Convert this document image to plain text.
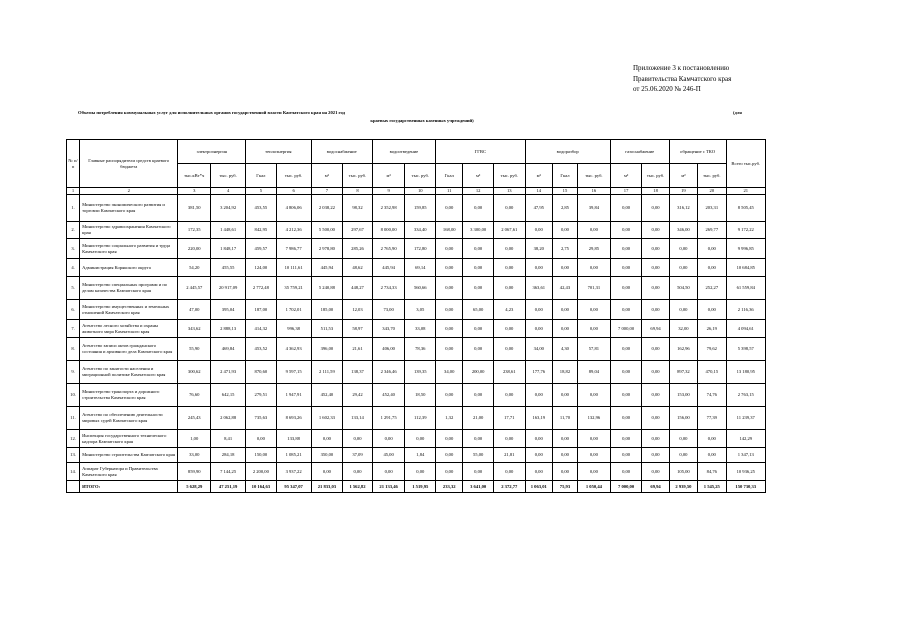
Приложение 3 к постановлению
Правительства Камчатского края
от 25.06.2020 № 246-П
Объемы потребления коммунальных услуг для исполнительных органов государственной власти Камчатского края на 2021 год	(для
краевых государственных казенных учреждений)
№ п/п	Главные распорядители средств краевого бюджета	электроэнергия		теплоэнергия		водоснабжение		водоотведение		ГГВС			водоразбор			газоснабжение		обращение с ТКО		Всего тыс.руб.
		тыс.кВт*ч	тыс. руб.	Гкал	тыс. руб.	м³	тыс. руб.	м³	тыс. руб.	Гкал	м³	тыс. руб.	м³	Гкал	тыс. руб.	м³	тыс. руб.	м³	тыс. руб.	
1	2	3	4	5	6	7	8	9	10	11	12	13	14	15	16	17	18	19	20	21
1.	Министерство экономического развития и торговли Камчатского края	381,50	3 204,92	453,55	4 806,06	2 038,22	98,32	2 352,98	159,85	0,00	0,00	0,00	47,95	2,85	39,84	0,00	0,00	316,12	203,31	8 505,45
2.	Министерство здравоохранения Камчатского края	172,35	1 448,61	842,95	4 212,36	5 500,00	297,67	8 000,00	334,40	168,00	3 300,00	2 067,61	0,00	0,00	0,00	0,00	0,00	346,00	269,77	9 172,22
3.	Министерство социального развития и труда Камчатского края	220,00	1 848,17	459,57	7 986,77	2 978,80	285,26	2 765,90	172,80	0,00	0,00	0,00	38,20	2,75	29,85	0,00	0,00	0,00	0,00	9 996,85
4.	Администрация Корякского округа	54,20	455,55	124,00	10 111,61	445,94	48,62	445,94	69,14	0,00	0,00	0,00	0,00	0,00	0,00	0,00	0,00	0,00	0,00	10 684,85
5.	Министерство специальных программ и по делам казачества Камчатского края	2 445,57	20 917,09	2 772,48	35 759,21	5 240,88	448,27	2 734,33	560,66	0,00	0,00	0,00	363,61	42,43	701,31	0,00	0,00	504,50	252,27	61 559,84
6.	Министерство имущественных и земельных отношений Камчатского края	47,00	395,04	187,00	1 702,01	185,00	12,03	73,00	3,05	0,00	65,00	4,23	0,00	0,00	0,00	0,00	0,00	0,00	0,00	2 116,36
7.	Агентство лесного хозяйства и охраны животного мира Камчатского края	343,62	2 888,13	414,32	996,38	511,53	58,97	343,70	33,08	0,00	0,00	0,00	0,00	0,00	0,00	7 000,00	69,94	32,00	26,19	4 094,61
8.	Агентство записи актов гражданского состояния и архивного дела Камчатского края	55,90	469,84	453,52	4 362,93	396,00	21,61	406,00	78,36	0,00	0,00	0,00	34,00	4,30	57,81	0,00	0,00	162,96	79,62	5 398,57
9.	Агентство по занятости населения и миграционной политике Камчатского края	300,62	2 471,93	870,60	9 597,15	2 111,59	138,37	2 346,46	139,35	34,00	200,00	238,61	177,76	18,82	89,04	0,00	0,00	897,32	470,15	13 180,95
10.	Министерство транспорта и дорожного строительства Камчатского края	76,60	642,15	279,51	1 947,91	452,40	29,42	452,40	18,50	0,00	0,00	0,00	0,00	0,00	0,00	0,00	0,00	153,00	74,76	2 763,15
11.	Агентство по обеспечению деятельности мировых судей Камчатского края	245,43	2 062,88	735,63	8 693,26	1 602,33	133,14	1 291,75	112,39	1,32	21,00	17,71	163,19	11,70	132,96	0,00	0,00	156,00	77,39	11 239,37
12.	Инспекция государственного технического надзора Камчатского края	1,00	8,41	0,00	133,88	0,00	0,00	0,00	0,00	0,00	0,00	0,00	0,00	0,00	0,00	0,00	0,00	0,00	0,00	142,29
13.	Министерство строительства Камчатского края	33,00	284,18	150,00	1 085,21	350,00	37,09	45,00	1,84	0,00	55,00	21,81	0,00	0,00	0,00	0,00	0,00	0,00	0,00	1 347,13
14.	Аппарат Губернатора и Правительства Камчатского края	859,90	7 144,25	2 200,00	3 937,22	0,00	0,00	0,00	0,00	0,00	0,00	0,00	0,00	0,00	0,00	0,00	0,00	105,00	84,76	10 936,25
	ИТОГО:	5 628,29	47 251,19	10 164,63	95 347,07	21 833,03	1 562,82	21 133,46	1 519,95	233,32	3 641,00	2 372,77	1 063,01	75,93	1 050,44	7 000,00	69,94	2 939,50	1 545,25	150 730,33
